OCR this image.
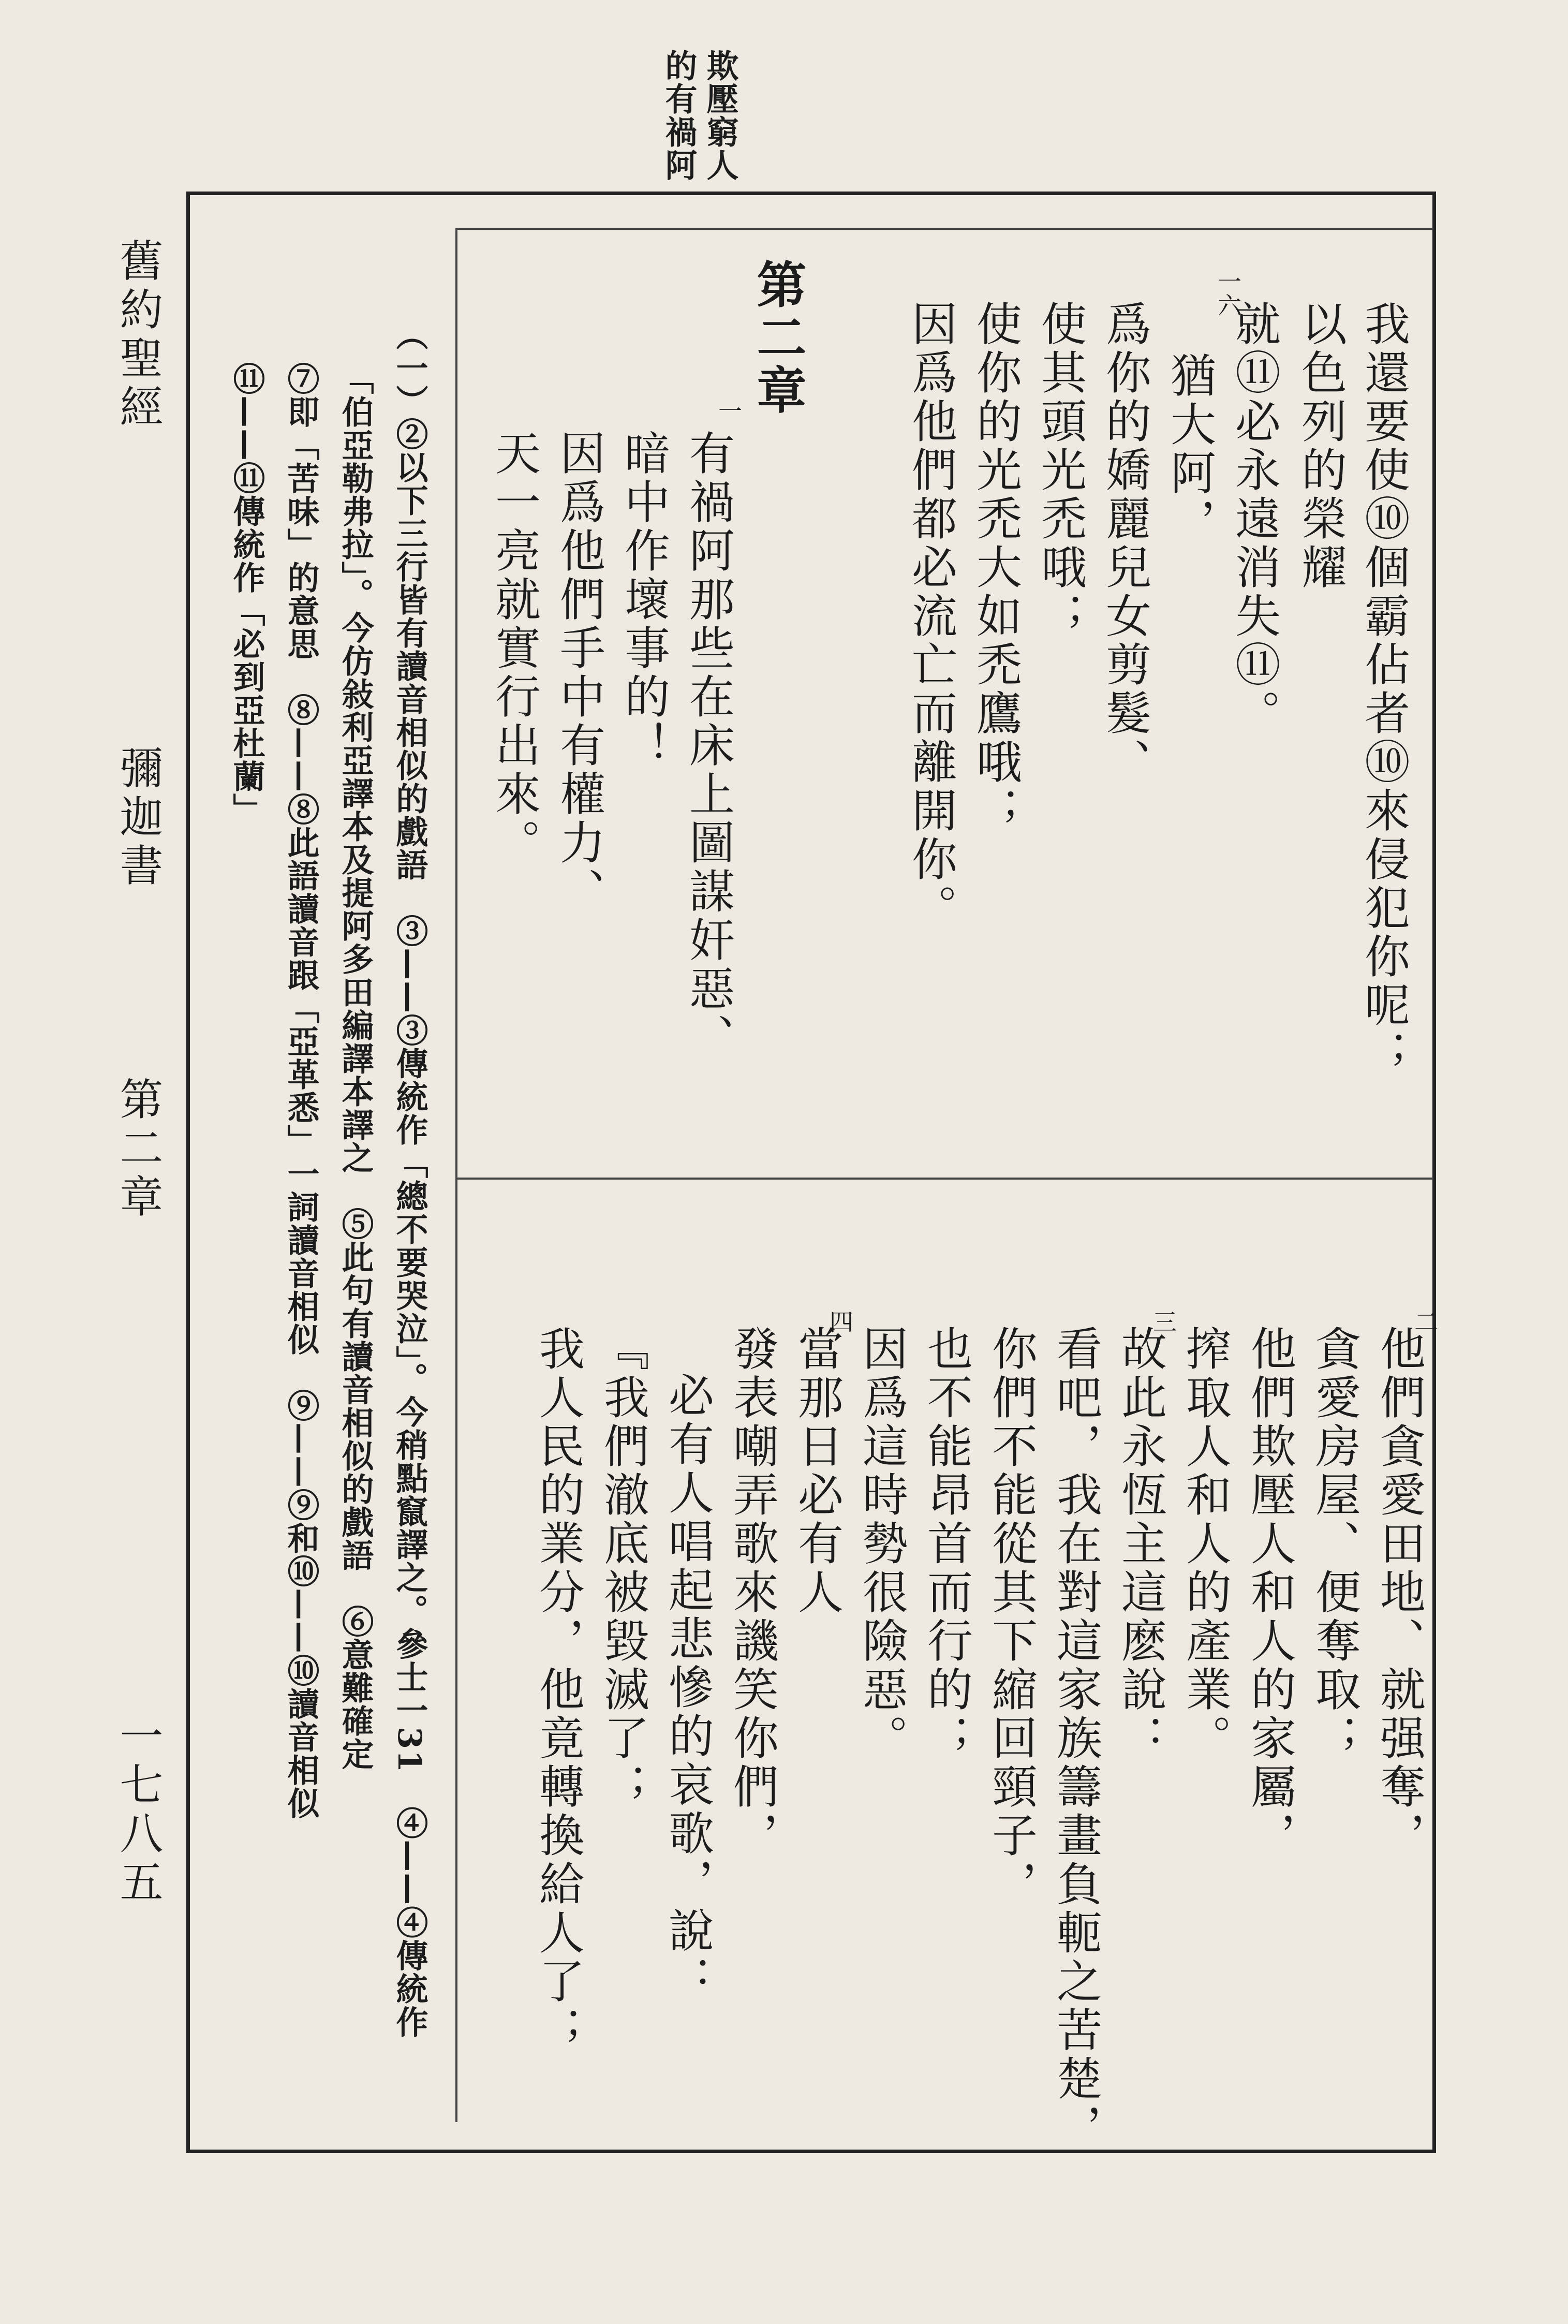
欺壓窮人
的有禍阿
舊約聖經
彌迦書
第二章
一七八五
我還要使⑩個霸佔者⑩來侵犯你呢；
以色列的榮耀
一六
就⑪必永遠消失⑪。
猶大阿，
爲你的嬌麗兒女剪髮、
使其頭光禿哦；
使你的光禿大如禿鷹哦；
因爲他們都必流亡而離開你。
第二章
一
有禍阿那些在床上圖謀奸惡、
暗中作壞事的！
因爲他們手中有權力、
天一亮就實行出來。
二
他們貪愛田地、就强奪，
貪愛房屋、便奪取；
他們欺壓人和人的家屬，
搾取人和人的產業。
三
故此永恆主這麽說：
看吧，我在對這家族籌畫負軛之苦楚，
你們不能從其下縮回頸子，
也不能昂首而行的；
因爲這時勢很險惡。
四
當那日必有人
發表嘲弄歌來譏笑你們，
必有人唱起悲慘的哀歌，說：
『我們澈底被毀滅了；
我人民的業分，他竟轉換給人了；
（一）②以下三行皆有讀音相似的戲語　③——③傳統作「總不要哭泣」。今稍點竄譯之。參士一31　④——④傳統作
「伯亞勒弗拉」。今仿敍利亞譯本及提阿多田編譯本譯之　⑤此句有讀音相似的戲語　⑥意難確定
⑦即「苦味」的意思　⑧——⑧此語讀音跟「亞革悉」一詞讀音相似　⑨——⑨和⑩——⑩讀音相似
⑪——⑪傳統作「必到亞杜蘭」
